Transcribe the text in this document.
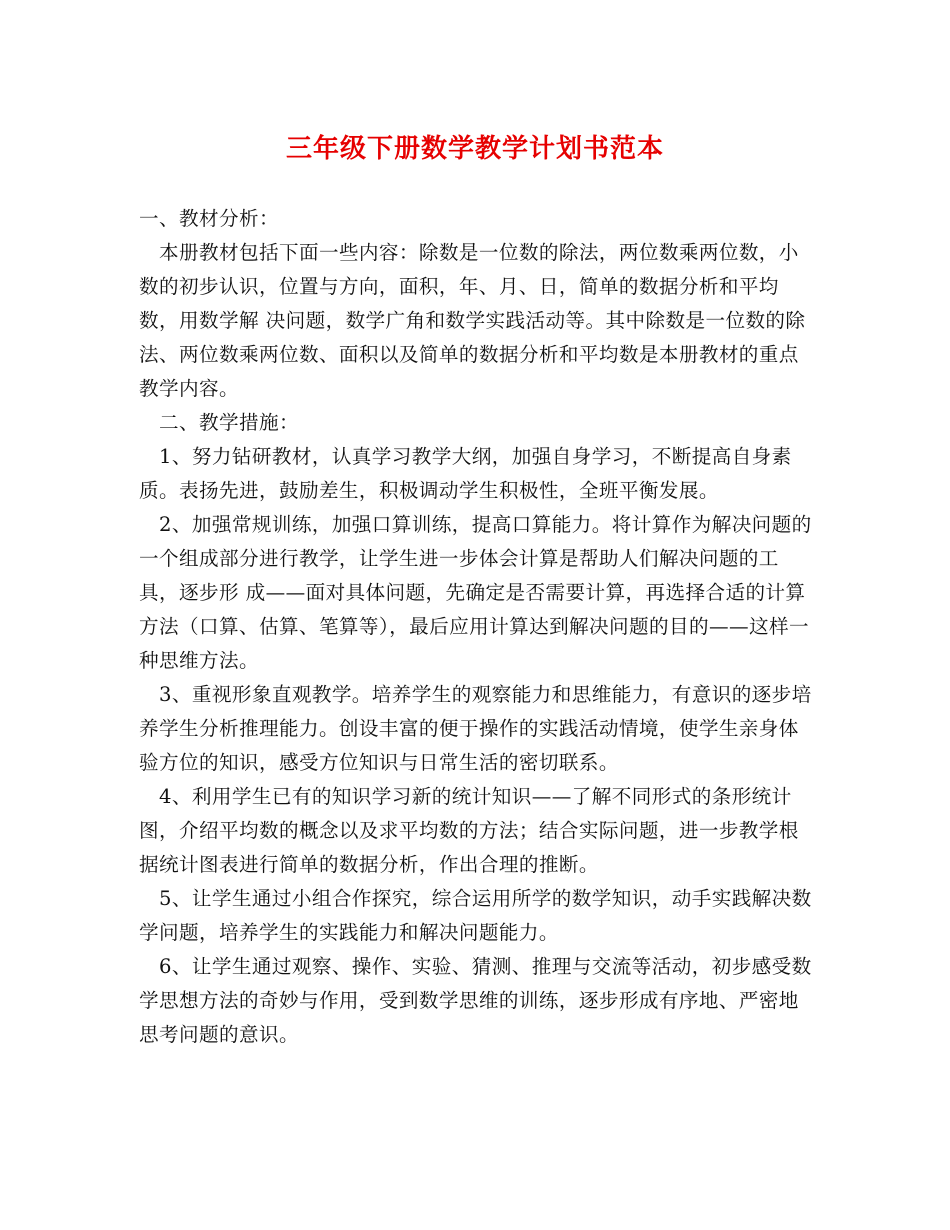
三年级下册数学教学计划书范本

一、教材分析：

本册教材包括下面一些内容：除数是一位数的除法，两位数乘两位数，小数的初步认识，位置与方向，面积，年、月、日，简单的数据分析和平均数，用数学解 决问题，数学广角和数学实践活动等。其中除数是一位数的除法、两位数乘两位数、面积以及简单的数据分析和平均数是本册教材的重点教学内容。

二、教学措施：

1、努力钻研教材，认真学习教学大纲，加强自身学习，不断提高自身素质。表扬先进，鼓励差生，积极调动学生积极性，全班平衡发展。

2、加强常规训练，加强口算训练，提高口算能力。将计算作为解决问题的一个组成部分进行教学，让学生进一步体会计算是帮助人们解决问题的工具，逐步形 成——面对具体问题，先确定是否需要计算，再选择合适的计算方法（口算、估算、笔算等），最后应用计算达到解决问题的目的——这样一种思维方法。

3、重视形象直观教学。培养学生的观察能力和思维能力，有意识的逐步培养学生分析推理能力。创设丰富的便于操作的实践活动情境，使学生亲身体验方位的知识，感受方位知识与日常生活的密切联系。

4、利用学生已有的知识学习新的统计知识——了解不同形式的条形统计图，介绍平均数的概念以及求平均数的方法；结合实际问题，进一步教学根据统计图表进行简单的数据分析，作出合理的推断。

5、让学生通过小组合作探究，综合运用所学的数学知识，动手实践解决数学问题，培养学生的实践能力和解决问题能力。

6、让学生通过观察、操作、实验、猜测、推理与交流等活动，初步感受数学思想方法的奇妙与作用，受到数学思维的训练，逐步形成有序地、严密地思考问题的意识。
